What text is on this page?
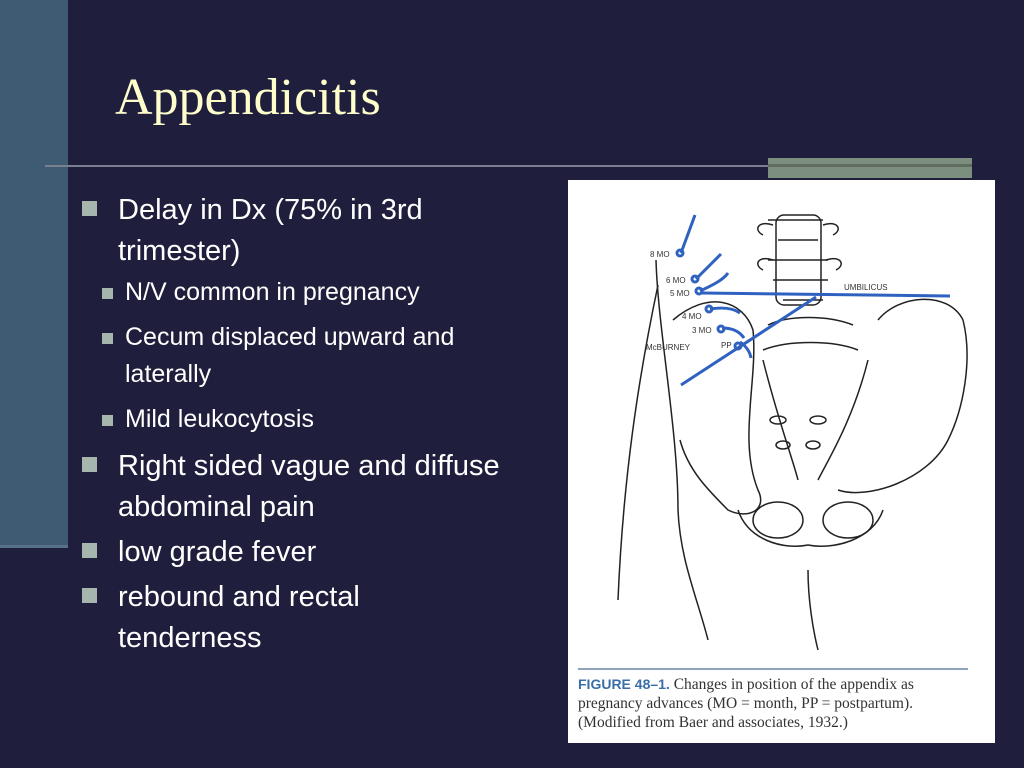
Appendicitis
Delay in Dx (75% in 3rd trimester)
N/V common in pregnancy
Cecum displaced upward and laterally
Mild leukocytosis
Right sided vague and diffuse abdominal pain
low grade fever
rebound and rectal tenderness
8 MO
6 MO
5 MO
4 MO
3 MO
McBURNEY	PP
UMBILICUS
FIGURE 48–1. Changes in position of the appendix as pregnancy advances (MO = month, PP = postpartum). (Modified from Baer and associates, 1932.)
